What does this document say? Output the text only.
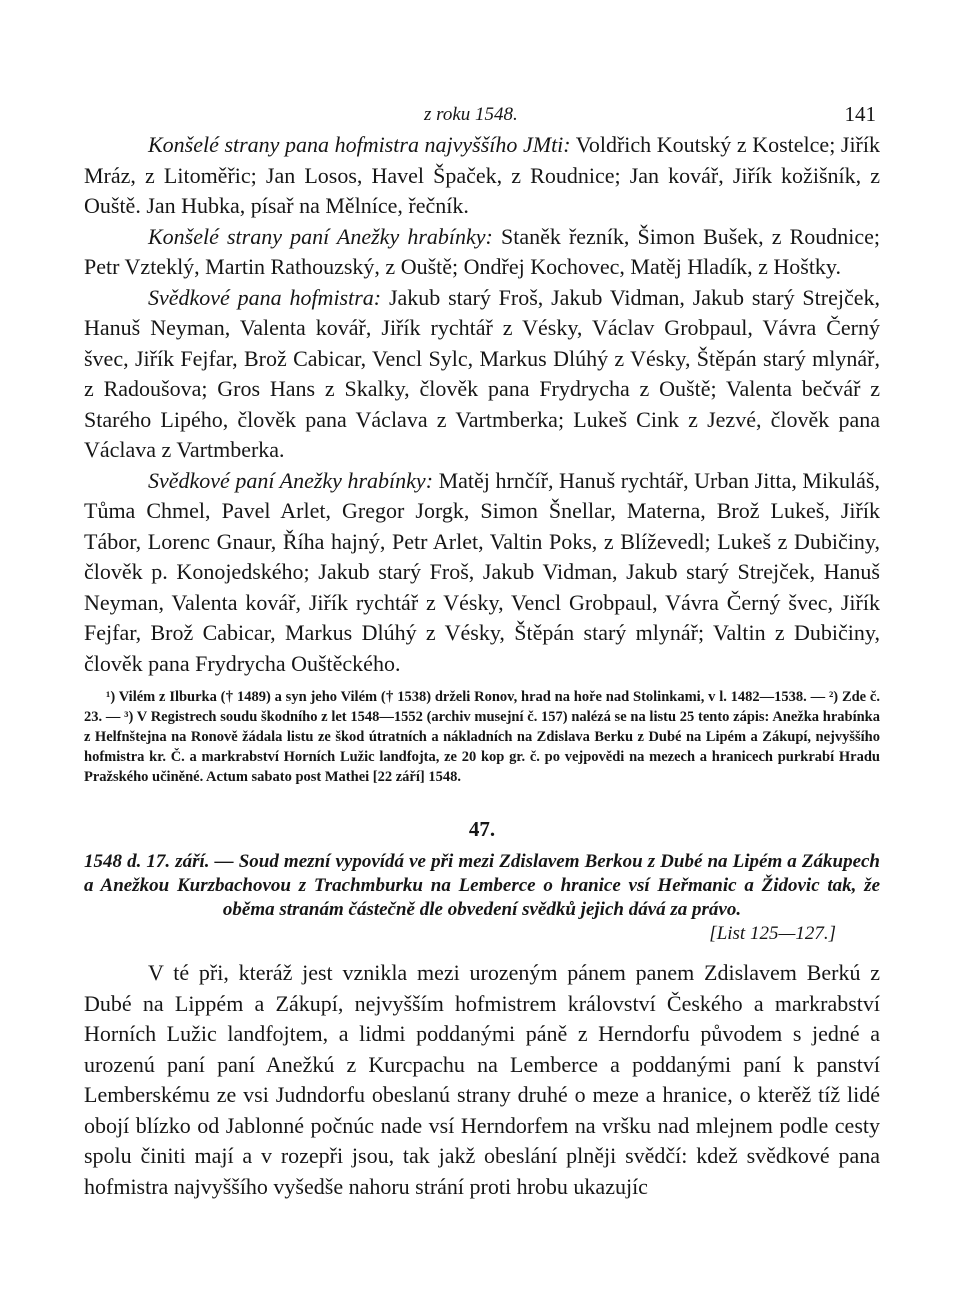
z roku 1548.	141

Konšelé strany pana hofmistra najvyššího JMti: Voldřich Koutský z Kostelce; Jiřík Mráz, z Litoměřic; Jan Losos, Havel Špaček, z Roudnice; Jan kovář, Jiřík kožišník, z Ouště. Jan Hubka, písař na Mělníce, řečník.

Konšelé strany paní Anežky hrabínky: Staněk řezník, Šimon Bušek, z Roudnice; Petr Vzteklý, Martin Rathouzský, z Ouště; Ondřej Kochovec, Matěj Hladík, z Hoštky.

Svědkové pana hofmistra: Jakub starý Froš, Jakub Vidman, Jakub starý Strejček, Hanuš Neyman, Valenta kovář, Jiřík rychtář z Vésky, Václav Grobpaul, Vávra Černý švec, Jiřík Fejfar, Brož Cabicar, Vencl Sylc, Markus Dlúhý z Vésky, Štěpán starý mlynář, z Radoušova; Gros Hans z Skalky, člověk pana Frydrycha z Ouště; Valenta bečvář z Starého Lipého, člověk pana Václava z Vartmberka; Lukeš Cink z Jezvé, člověk pana Václava z Vartmberka.

Svědkové paní Anežky hrabínky: Matěj hrnčíř, Hanuš rychtář, Urban Jitta, Mikuláš, Tůma Chmel, Pavel Arlet, Gregor Jorgk, Simon Šnellar, Materna, Brož Lukeš, Jiřík Tábor, Lorenc Gnaur, Říha hajný, Petr Arlet, Valtin Poks, z Blíževedl; Lukeš z Dubičiny, člověk p. Konojedského; Jakub starý Froš, Jakub Vidman, Jakub starý Strejček, Hanuš Neyman, Valenta kovář, Jiřík rychtář z Vésky, Vencl Grobpaul, Vávra Černý švec, Jiřík Fejfar, Brož Cabicar, Markus Dlúhý z Vésky, Štěpán starý mlynář; Valtin z Dubičiny, člověk pana Frydrycha Ouštěckého.

¹) Vilém z Ilburka († 1489) a syn jeho Vilém († 1538) drželi Ronov, hrad na hoře nad Stolinkami, v l. 1482—1538. — ²) Zde č. 23. — ³) V Registrech soudu škodního z let 1548—1552 (archiv musejní č. 157) nalézá se na listu 25 tento zápis: Anežka hrabínka z Helfnštejna na Ronově žádala listu ze škod útratních a nákladních na Zdislava Berku z Dubé na Lipém a Zákupí, nejvyššího hofmistra kr. Č. a markrabství Horních Lužic landfojta, ze 20 kop gr. č. po vejpovědi na mezech a hranicech purkrabí Hradu Pražského učiněné. Actum sabato post Mathei [22 září] 1548.

47.

1548 d. 17. září. — Soud mezní vypovídá ve při mezi Zdislavem Berkou z Dubé na Lipém a Zákupech a Anežkou Kurzbachovou z Trachmburku na Lemberce o hranice vsí Heřmanic a Židovic tak, že oběma stranám částečně dle obvedení svědků jejich dává za právo.

[List 125—127.]

V té při, kteráž jest vznikla mezi urozeným pánem panem Zdislavem Berkú z Dubé na Lippém a Zákupí, nejvyšším hofmistrem království Českého a markrabství Horních Lužic landfojtem, a lidmi poddanými páně z Herndorfu původem s jedné a urozenú paní paní Anežkú z Kurcpachu na Lemberce a poddanými paní k panství Lemberskému ze vsi Judndorfu obeslanú strany druhé o meze a hranice, o kterěž tíž lidé obojí blízko od Jablonné počnúc nade vsí Herndorfem na vršku nad mlejnem podle cesty spolu činiti mají a v rozepři jsou, tak jakž obeslání plněji svědčí: kdež svědkové pana hofmistra najvyššího vyšedše nahoru strání proti hrobu ukazujíc
